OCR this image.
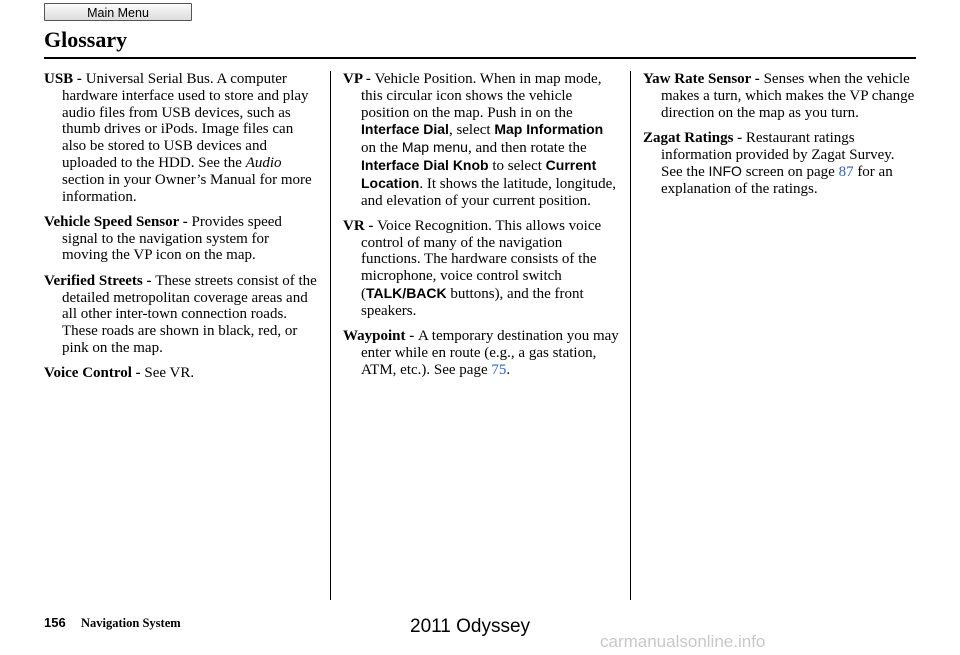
Main Menu
Glossary

USB - Universal Serial Bus. A computer hardware interface used to store and play audio files from USB devices, such as thumb drives or iPods. Image files can also be stored to USB devices and uploaded to the HDD. See the Audio section in your Owner’s Manual for more information.

Vehicle Speed Sensor - Provides speed signal to the navigation system for moving the VP icon on the map.

Verified Streets - These streets consist of the detailed metropolitan coverage areas and all other inter-town connection roads. These roads are shown in black, red, or pink on the map.

Voice Control - See VR.

VP - Vehicle Position. When in map mode, this circular icon shows the vehicle position on the map. Push in on the Interface Dial, select Map Information on the Map menu, and then rotate the Interface Dial Knob to select Current Location. It shows the latitude, longitude, and elevation of your current position.

VR - Voice Recognition. This allows voice control of many of the navigation functions. The hardware consists of the microphone, voice control switch (TALK/BACK buttons), and the front speakers.

Waypoint - A temporary destination you may enter while en route (e.g., a gas station, ATM, etc.). See page 75.

Yaw Rate Sensor - Senses when the vehicle makes a turn, which makes the VP change direction on the map as you turn.

Zagat Ratings - Restaurant ratings information provided by Zagat Survey. See the INFO screen on page 87 for an explanation of the ratings.

156 Navigation System	2011 Odyssey
carmanualsonline.info
